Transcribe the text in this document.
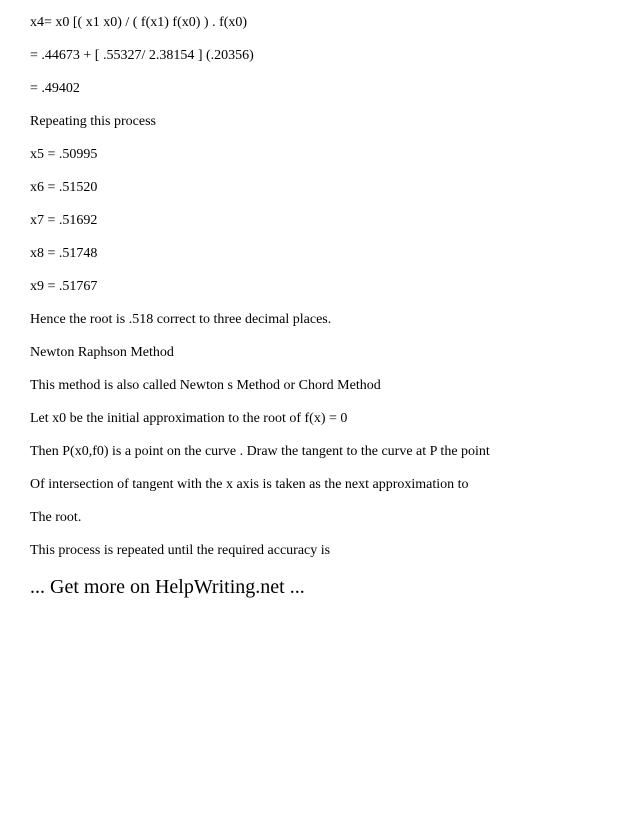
x4= x0 [( x1 x0) / ( f(x1) f(x0) ) . f(x0)
= .44673 + [ .55327/ 2.38154 ] (.20356)
= .49402
Repeating this process
x5 = .50995
x6 = .51520
x7 = .51692
x8 = .51748
x9 = .51767
Hence the root is .518 correct to three decimal places.
Newton Raphson Method
This method is also called Newton s Method or Chord Method
Let x0 be the initial approximation to the root of f(x) = 0
Then P(x0,f0) is a point on the curve . Draw the tangent to the curve at P the point
Of intersection of tangent with the x axis is taken as the next approximation to
The root.
This process is repeated until the required accuracy is
... Get more on HelpWriting.net ...
